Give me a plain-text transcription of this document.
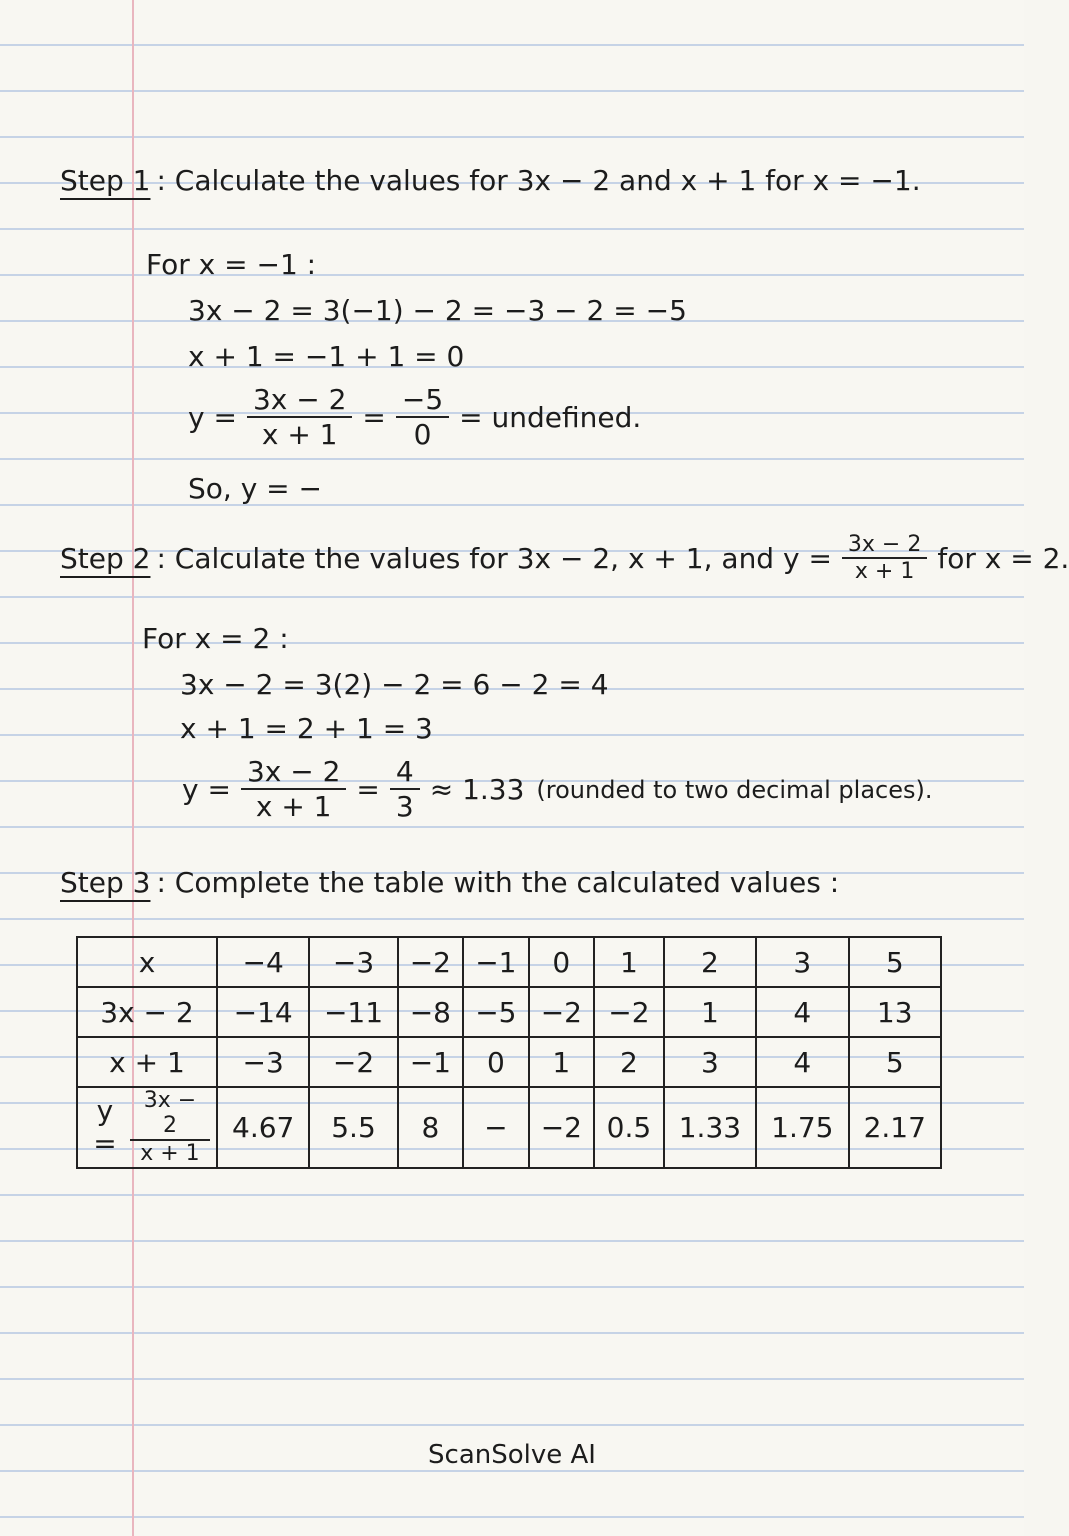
Step 1 : Calculate the values for 3x − 2 and x + 1 for x = −1.
For x = −1 :
3x − 2 = 3(−1) − 2 = −3 − 2 = −5
x + 1 = −1 + 1 = 0
$y = \frac{3x - 2}{x + 1} = \frac{-5}{0}$ = undefined.
So, y = −
Step 2 : Calculate the values for 3x − 2, x + 1, and $y = \frac{3x - 2}{x + 1}$ for x = 2.
For x = 2 :
3x − 2 = 3(2) − 2 = 6 − 2 = 4
x + 1 = 2 + 1 = 3
$y = \frac{3x - 2}{x + 1} = \frac{4}{3} \approx 1.33$ (rounded to two decimal places).
Step 3 : Complete the table with the calculated values :
x	−4	−3	−2	−1	0	1	2	3	5
3x − 2	−14	−11	−8	−5	−2	−2	1	4	13
x + 1	−3	−2	−1	0	1	2	3	4	5

$y = \frac{3x - 2}{x + 1}$	4.67	5.5	8	−	−2	0.5	1.33	1.75	2.17
ScanSolve AI
